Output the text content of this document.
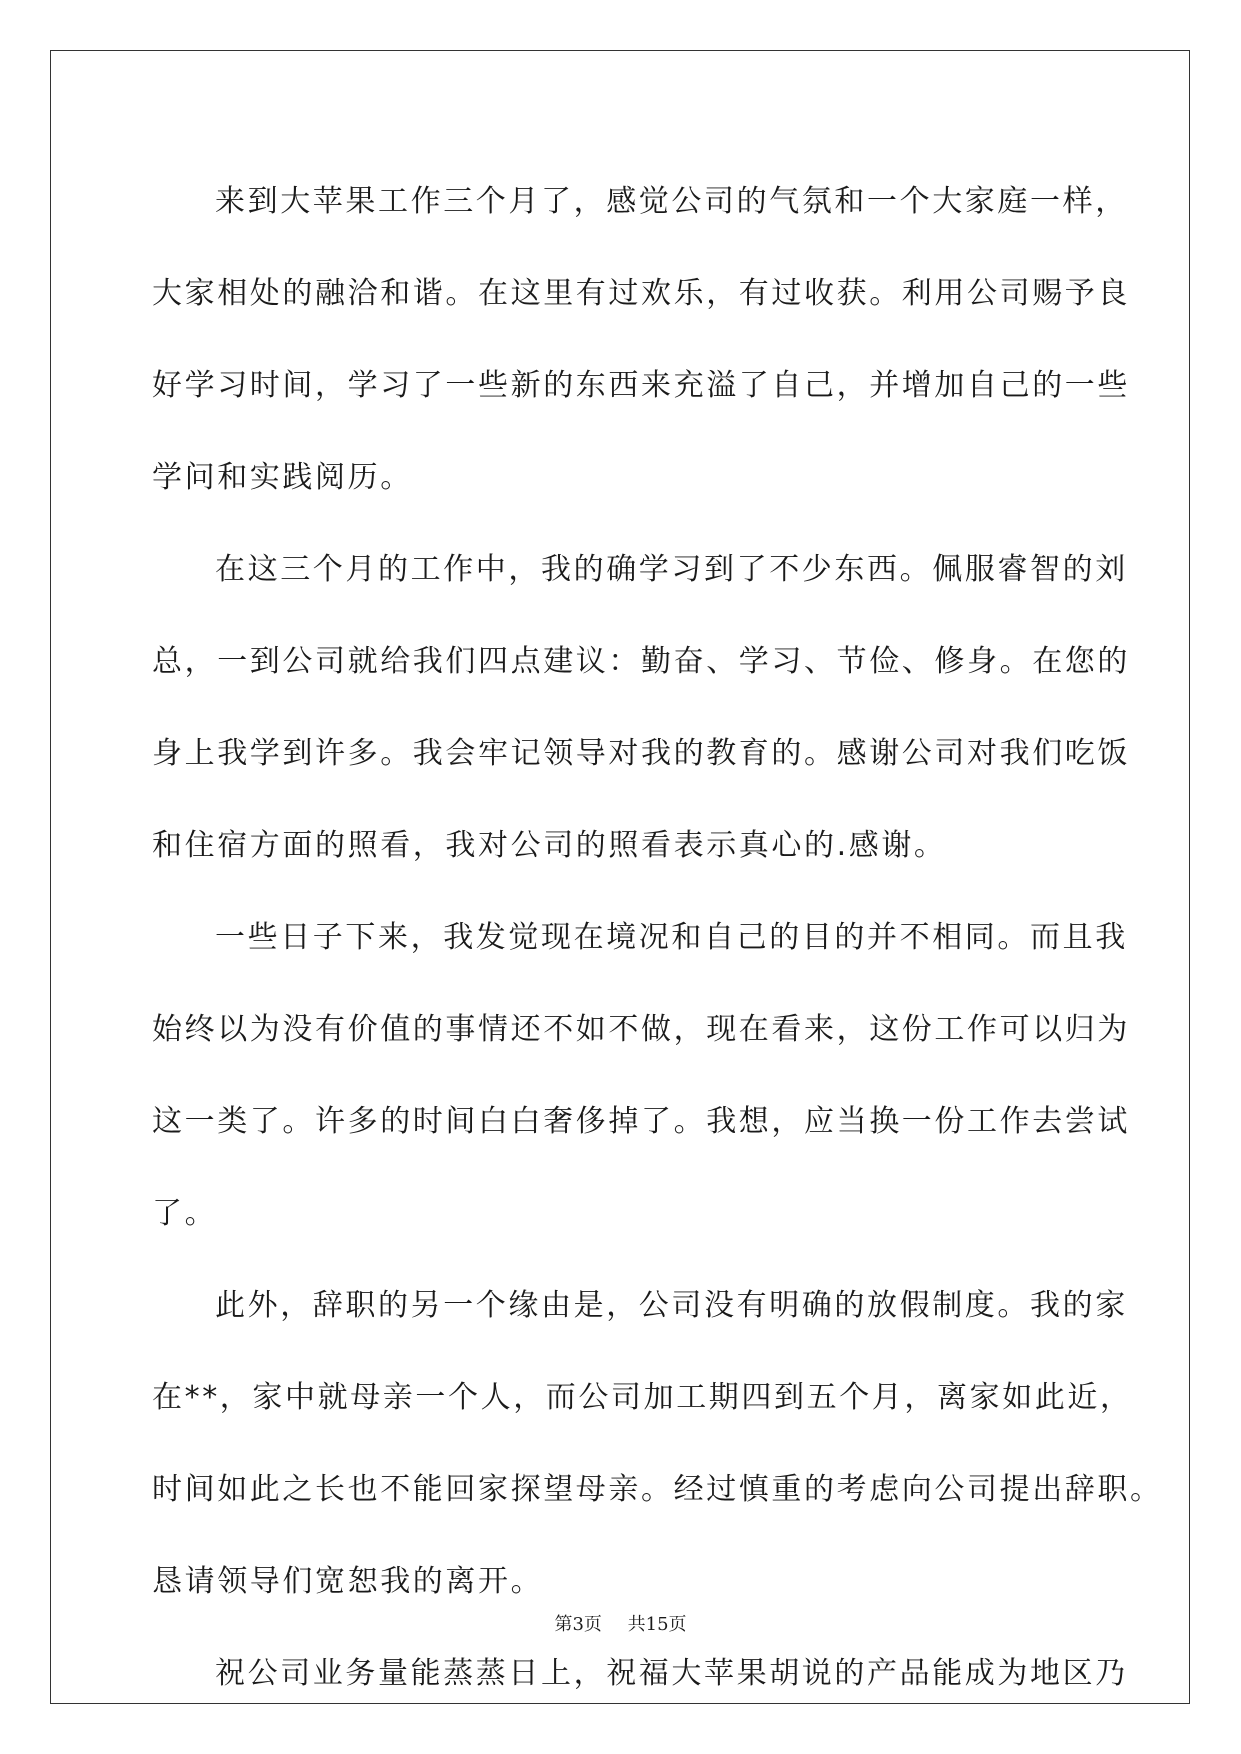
来到大苹果工作三个月了，感觉公司的气氛和一个大家庭一样，
大家相处的融洽和谐。在这里有过欢乐，有过收获。利用公司赐予良
好学习时间，学习了一些新的东西来充溢了自己，并增加自己的一些
学问和实践阅历。
在这三个月的工作中，我的确学习到了不少东西。佩服睿智的刘
总，一到公司就给我们四点建议：勤奋、学习、节俭、修身。在您的
身上我学到许多。我会牢记领导对我的教育的。感谢公司对我们吃饭
和住宿方面的照看，我对公司的照看表示真心的.感谢。
一些日子下来，我发觉现在境况和自己的目的并不相同。而且我
始终以为没有价值的事情还不如不做，现在看来，这份工作可以归为
这一类了。许多的时间白白奢侈掉了。我想，应当换一份工作去尝试
了。
此外，辞职的另一个缘由是，公司没有明确的放假制度。我的家
在**，家中就母亲一个人，而公司加工期四到五个月，离家如此近，
时间如此之长也不能回家探望母亲。经过慎重的考虑向公司提出辞职。
恳请领导们宽恕我的离开。
祝公司业务量能蒸蒸日上，祝福大苹果胡说的产品能成为地区乃
第3页 共15页
